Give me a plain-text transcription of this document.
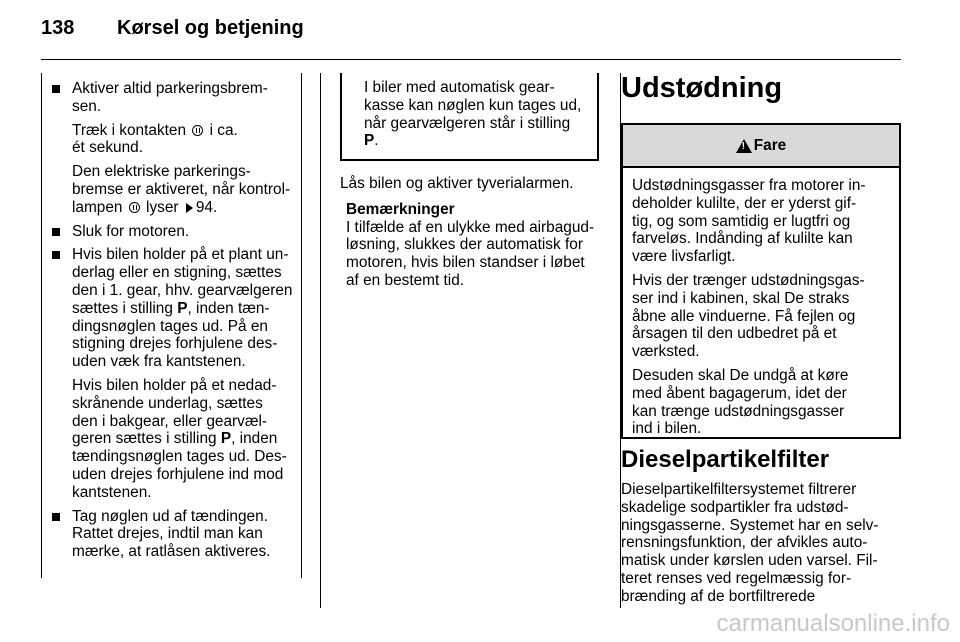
138 Kørsel og betjening

Aktiver altid parkeringsbrem-

sen.

Træk i kontakten i ca.

ét sekund.

Den elektriske parkerings-

bremse er aktiveret, når kontrol-

lampen lyser 94.

Sluk for motoren.

Hvis bilen holder på et plant un-

derlag eller en stigning, sættes

den i 1. gear, hhv. gearvælgeren

sættes i stilling P, inden tæn-

dingsnøglen tages ud. På en

stigning drejes forhjulene des-

uden væk fra kantstenen.

Hvis bilen holder på et nedad-

skrånende underlag, sættes

den i bakgear, eller gearvæl-

geren sættes i stilling P, inden

tændingsnøglen tages ud. Des-

uden drejes forhjulene ind mod

kantstenen.

Tag nøglen ud af tændingen.

Rattet drejes, indtil man kan

mærke, at ratlåsen aktiveres.

I biler med automatisk gear-

kasse kan nøglen kun tages ud,

når gearvælgeren står i stilling

P.

Lås bilen og aktiver tyverialarmen.

Bemærkninger

I tilfælde af en ulykke med airbagud-

løsning, slukkes der automatisk for

motoren, hvis bilen standser i løbet

af en bestemt tid.

Udstødning
!
Fare

Udstødningsgasser fra motorer in-

deholder kulilte, der er yderst gif-

tig, og som samtidig er lugtfri og

farveløs. Indånding af kulilte kan

være livsfarligt.

Hvis der trænger udstødningsgas-

ser ind i kabinen, skal De straks

åbne alle vinduerne. Få fejlen og

årsagen til den udbedret på et

værksted.

Desuden skal De undgå at køre

med åbent bagagerum, idet der

kan trænge udstødningsgasser

ind i bilen.

Dieselpartikelfilter

Dieselpartikelfiltersystemet filtrerer

skadelige sodpartikler fra udstød-

ningsgasserne. Systemet har en selv-

rensningsfunktion, der afvikles auto-

matisk under kørslen uden varsel. Fil-

teret renses ved regelmæssig for-

brænding af de bortfiltrerede

carmanualsonline.info
